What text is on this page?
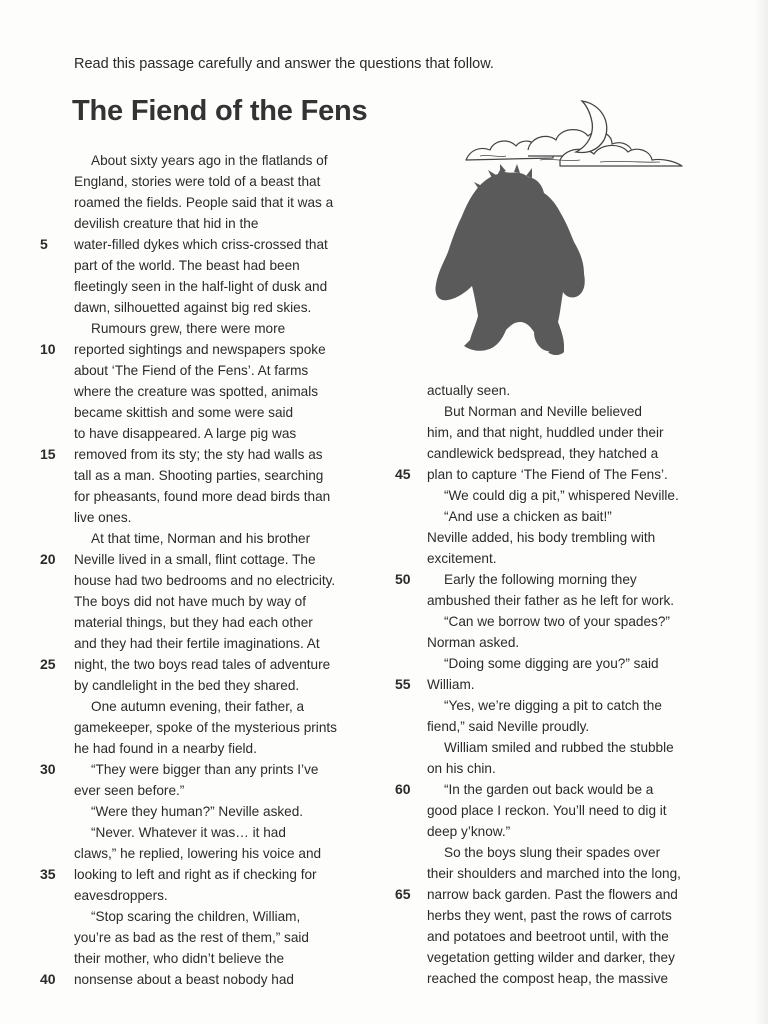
Read this passage carefully and answer the questions that follow.
The Fiend of the Fens
About sixty years ago in the flatlands of
England, stories were told of a beast that
roamed the fields. People said that it was a
devilish creature that hid in the
water-filled dykes which criss-crossed that
part of the world. The beast had been
fleetingly seen in the half-light of dusk and
dawn, silhouetted against big red skies.
Rumours grew, there were more
reported sightings and newspapers spoke
about ‘The Fiend of the Fens’. At farms
where the creature was spotted, animals
became skittish and some were said
to have disappeared. A large pig was
removed from its sty; the sty had walls as
tall as a man. Shooting parties, searching
for pheasants, found more dead birds than
live ones.
At that time, Norman and his brother
Neville lived in a small, flint cottage. The
house had two bedrooms and no electricity.
The boys did not have much by way of
material things, but they had each other
and they had their fertile imaginations. At
night, the two boys read tales of adventure
by candlelight in the bed they shared.
One autumn evening, their father, a
gamekeeper, spoke of the mysterious prints
he had found in a nearby field.
“They were bigger than any prints I’ve
ever seen before.”
“Were they human?” Neville asked.
“Never. Whatever it was… it had
claws,” he replied, lowering his voice and
looking to left and right as if checking for
eavesdroppers.
“Stop scaring the children, William,
you’re as bad as the rest of them,” said
their mother, who didn’t believe the
nonsense about a beast nobody had
5
10
15
20
25
30
35
40
actually seen.
But Norman and Neville believed
him, and that night, huddled under their
candlewick bedspread, they hatched a
plan to capture ‘The Fiend of The Fens’.
“We could dig a pit,” whispered Neville.
“And use a chicken as bait!”
Neville added, his body trembling with
excitement.
Early the following morning they
ambushed their father as he left for work.
“Can we borrow two of your spades?”
Norman asked.
“Doing some digging are you?” said
William.
“Yes, we’re digging a pit to catch the
fiend,” said Neville proudly.
William smiled and rubbed the stubble
on his chin.
“In the garden out back would be a
good place I reckon. You’ll need to dig it
deep y’know.”
So the boys slung their spades over
their shoulders and marched into the long,
narrow back garden. Past the flowers and
herbs they went, past the rows of carrots
and potatoes and beetroot until, with the
vegetation getting wilder and darker, they
reached the compost heap, the massive
45
50
55
60
65
